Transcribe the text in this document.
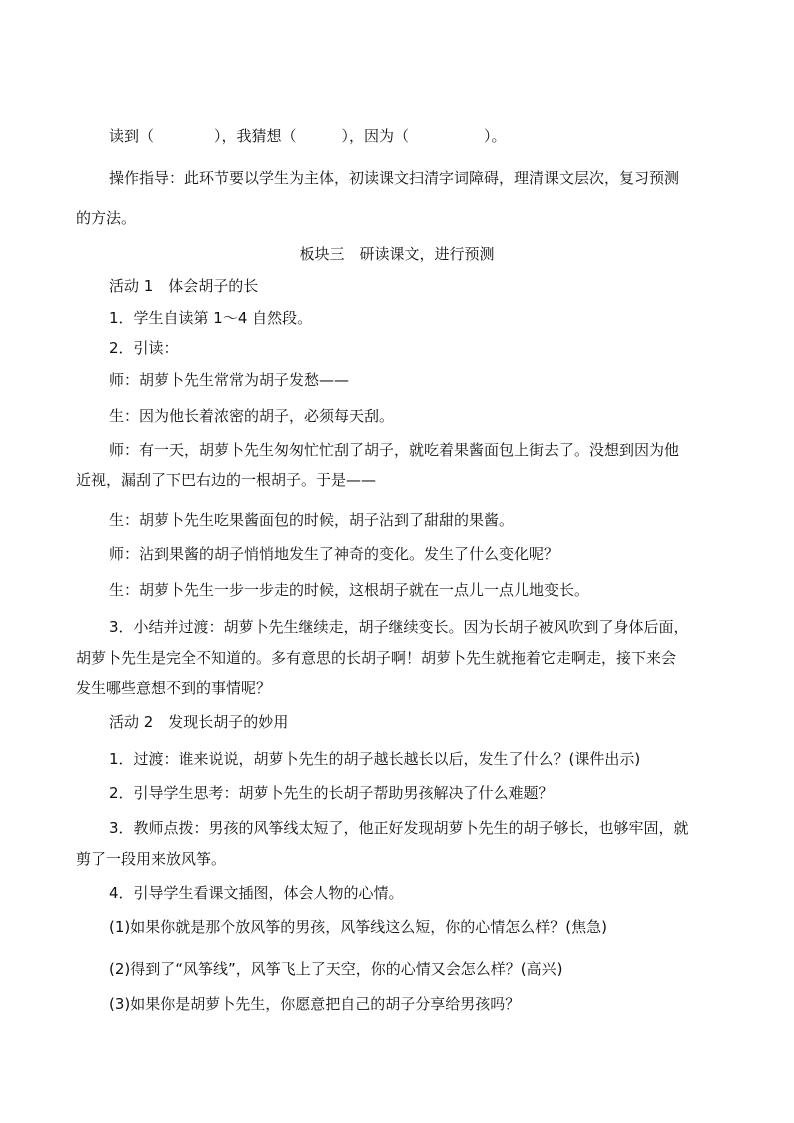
读到（　　　　），我猜想（　　　），因为（　　　　　）。
操作指导：此环节要以学生为主体，初读课文扫清字词障碍，理清课文层次，复习预测
的方法。
板块三　研读课文，进行预测
活动 1　体会胡子的长
1．学生自读第 1～4 自然段。
2．引读：
师：胡萝卜先生常常为胡子发愁——
生：因为他长着浓密的胡子，必须每天刮。
师：有一天，胡萝卜先生匆匆忙忙刮了胡子，就吃着果酱面包上街去了。没想到因为他
近视，漏刮了下巴右边的一根胡子。于是——
生：胡萝卜先生吃果酱面包的时候，胡子沾到了甜甜的果酱。
师：沾到果酱的胡子悄悄地发生了神奇的变化。发生了什么变化呢？
生：胡萝卜先生一步一步走的时候，这根胡子就在一点儿一点儿地变长。
3．小结并过渡：胡萝卜先生继续走，胡子继续变长。因为长胡子被风吹到了身体后面，
胡萝卜先生是完全不知道的。多有意思的长胡子啊！胡萝卜先生就拖着它走啊走，接下来会
发生哪些意想不到的事情呢？
活动 2　发现长胡子的妙用
1．过渡：谁来说说，胡萝卜先生的胡子越长越长以后，发生了什么？(课件出示)
2．引导学生思考：胡萝卜先生的长胡子帮助男孩解决了什么难题？
3．教师点拨：男孩的风筝线太短了，他正好发现胡萝卜先生的胡子够长，也够牢固，就
剪了一段用来放风筝。
4．引导学生看课文插图，体会人物的心情。
(1)如果你就是那个放风筝的男孩，风筝线这么短，你的心情怎么样？(焦急)
(2)得到了“风筝线”，风筝飞上了天空，你的心情又会怎么样？(高兴)
(3)如果你是胡萝卜先生，你愿意把自己的胡子分享给男孩吗？
